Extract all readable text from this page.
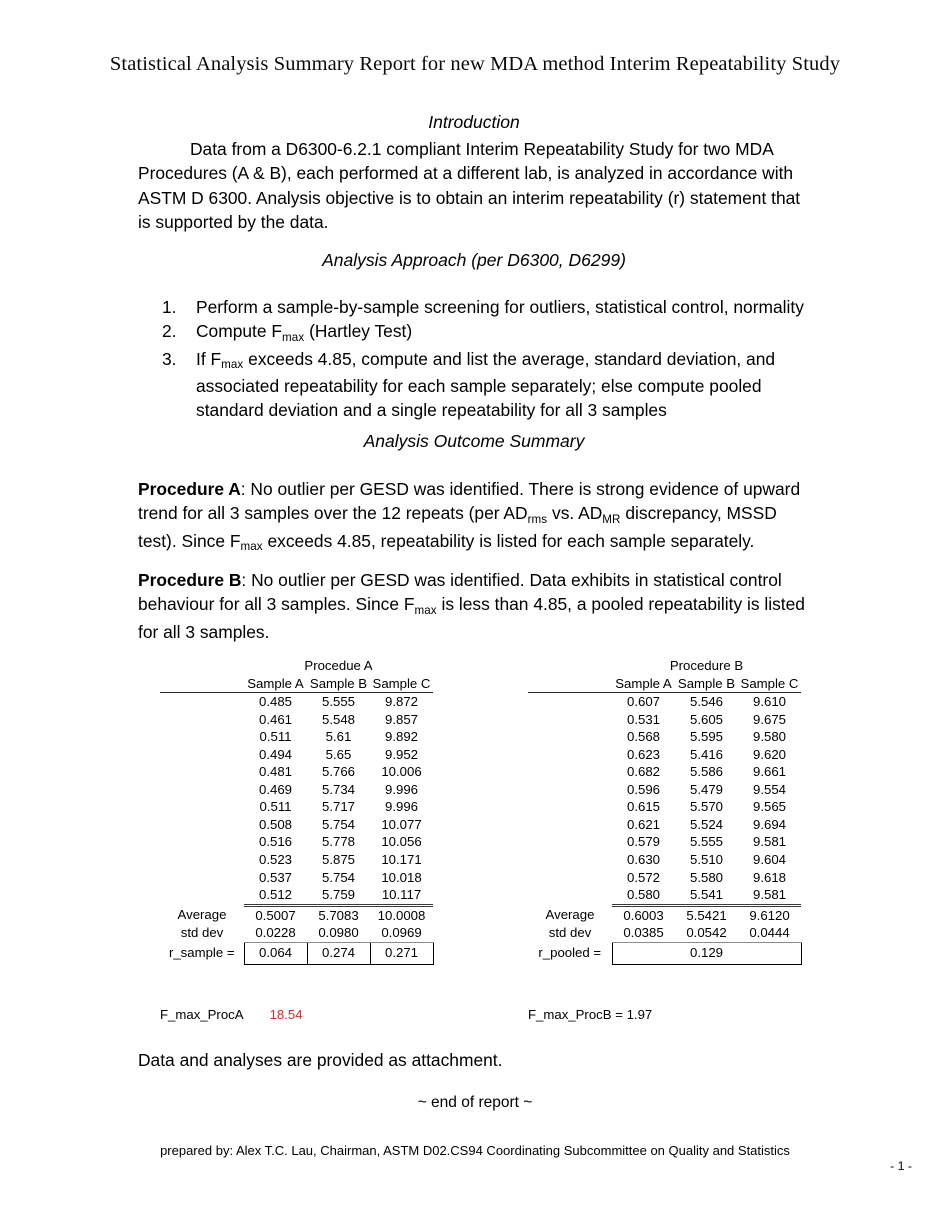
Statistical Analysis Summary Report for new MDA method Interim Repeatability Study
Introduction
Data from a D6300-6.2.1 compliant Interim Repeatability Study for two MDA Procedures (A & B), each performed at a different lab, is analyzed in accordance with ASTM D 6300. Analysis objective is to obtain an interim repeatability (r) statement that is supported by the data.
Analysis Approach (per D6300, D6299)
1. Perform a sample-by-sample screening for outliers, statistical control, normality
2. Compute $F_{max}$ (Hartley Test)
3. If $F_{max}$ exceeds 4.85, compute and list the average, standard deviation, and associated repeatability for each sample separately; else compute pooled standard deviation and a single repeatability for all 3 samples
Analysis Outcome Summary
Procedure A: No outlier per GESD was identified. There is strong evidence of upward trend for all 3 samples over the 12 repeats (per $AD_{rms}$ vs. $AD_{MR}$ discrepancy, MSSD test). Since $F_{max}$ exceeds 4.85, repeatability is listed for each sample separately.
Procedure B: No outlier per GESD was identified. Data exhibits in statistical control behaviour for all 3 samples. Since $F_{max}$ is less than 4.85, a pooled repeatability is listed for all 3 samples.
	Procedue A		
	Sample A	Sample B	Sample C
	0.485	5.555	9.872
	0.461	5.548	9.857
	0.511	5.61	9.892
	0.494	5.65	9.952
	0.481	5.766	10.006
	0.469	5.734	9.996
	0.511	5.717	9.996
	0.508	5.754	10.077
	0.516	5.778	10.056
	0.523	5.875	10.171
	0.537	5.754	10.018
	0.512	5.759	10.117
Average	0.5007	5.7083	10.0008
std dev	0.0228	0.0980	0.0969
r_sample =	0.064	0.274	0.271
	Procedure B		
	Sample A	Sample B	Sample C
	0.607	5.546	9.610
	0.531	5.605	9.675
	0.568	5.595	9.580
	0.623	5.416	9.620
	0.682	5.586	9.661
	0.596	5.479	9.554
	0.615	5.570	9.565
	0.621	5.524	9.694
	0.579	5.555	9.581
	0.630	5.510	9.604
	0.572	5.580	9.618
	0.580	5.541	9.581
Average	0.6003	5.5421	9.6120
std dev	0.0385	0.0542	0.0444
r_pooled =	0.129		
F_max_ProcA 18.54	F_max_ProcB = 1.97
Data and analyses are provided as attachment.
~ end of report ~
prepared by: Alex T.C. Lau, Chairman, ASTM D02.CS94 Coordinating Subcommittee on Quality and Statistics
- 1 -
